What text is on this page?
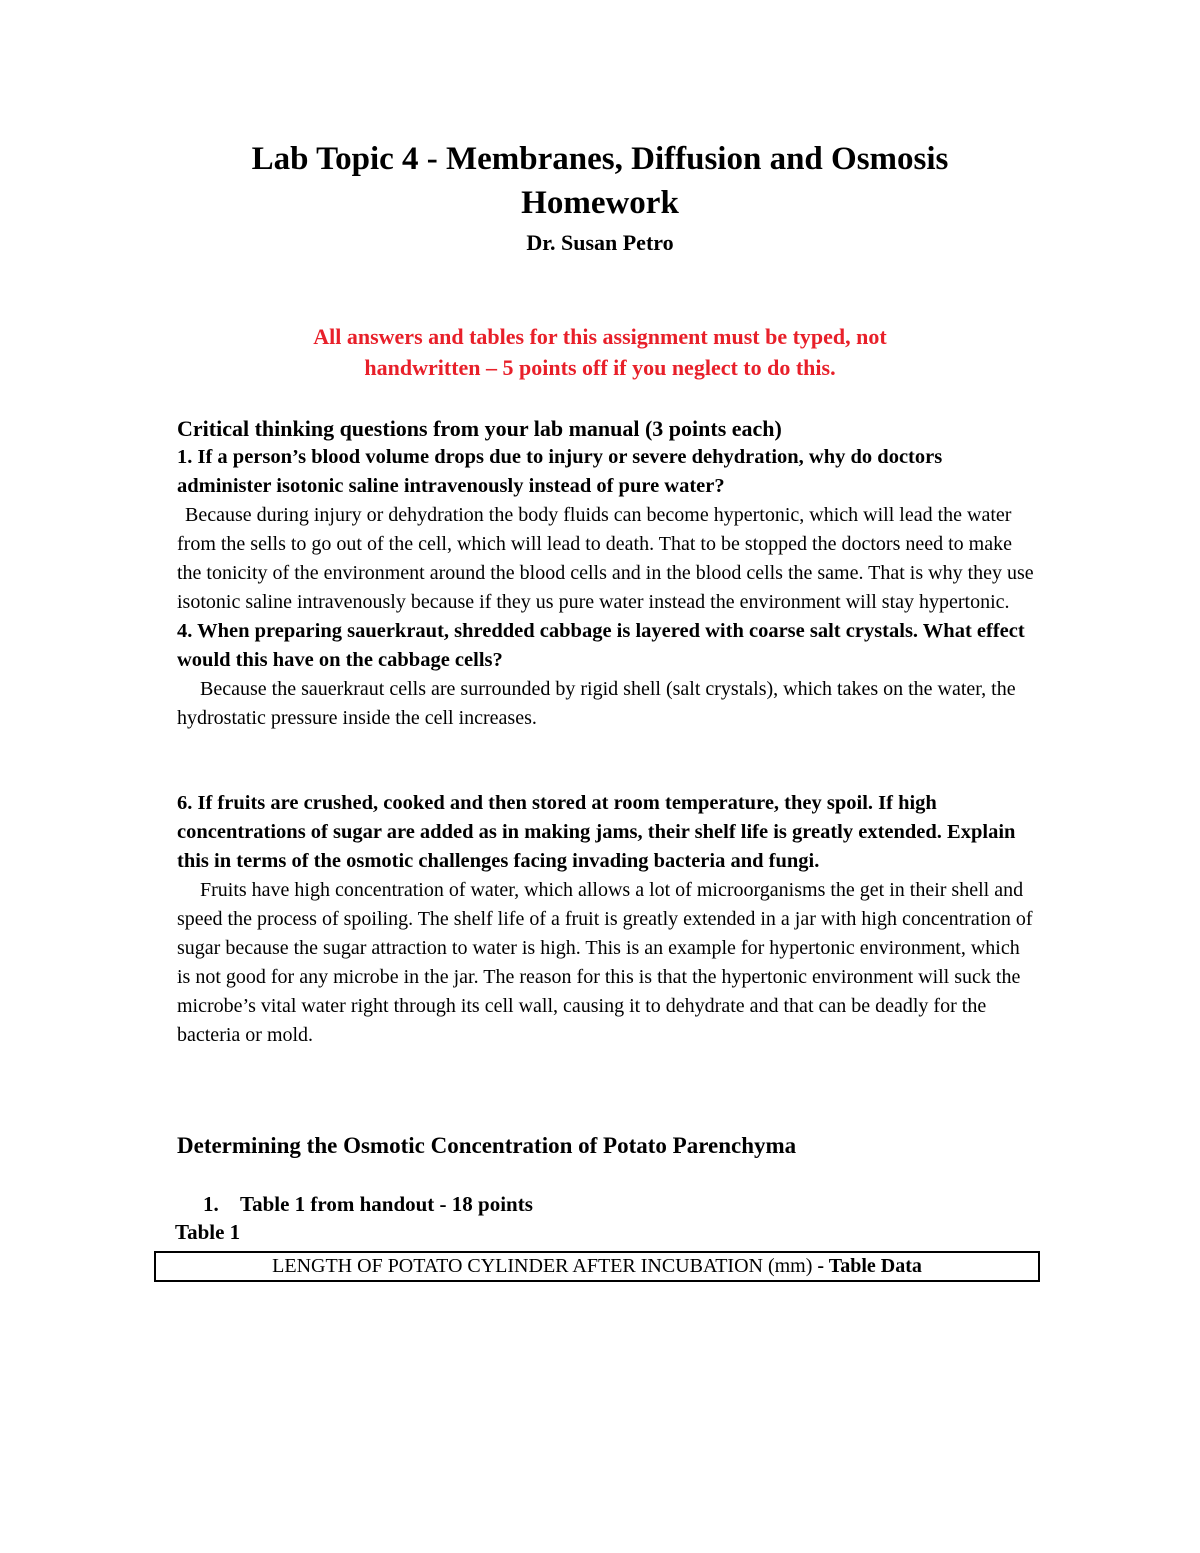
Lab Topic 4 - Membranes, Diffusion and Osmosis
Homework
Dr. Susan Petro
All answers and tables for this assignment must be typed, not
handwritten – 5 points off if you neglect to do this.
Critical thinking questions from your lab manual (3 points each)
1. If a person’s blood volume drops due to injury or severe dehydration, why do doctors administer isotonic saline intravenously instead of pure water?
Because during injury or dehydration the body fluids can become hypertonic, which will lead the water from the sells to go out of the cell, which will lead to death. That to be stopped the doctors need to make the tonicity of the environment around the blood cells and in the blood cells the same. That is why they use isotonic saline intravenously because if they us pure water instead the environment will stay hypertonic.
4. When preparing sauerkraut, shredded cabbage is layered with coarse salt crystals. What effect would this have on the cabbage cells?
Because the sauerkraut cells are surrounded by rigid shell (salt crystals), which takes on the water, the hydrostatic pressure inside the cell increases.
6. If fruits are crushed, cooked and then stored at room temperature, they spoil. If high concentrations of sugar are added as in making jams, their shelf life is greatly extended. Explain this in terms of the osmotic challenges facing invading bacteria and fungi.
Fruits have high concentration of water, which allows a lot of microorganisms the get in their shell and speed the process of spoiling. The shelf life of a fruit is greatly extended in a jar with high concentration of sugar because the sugar attraction to water is high. This is an example for hypertonic environment, which is not good for any microbe in the jar. The reason for this is that the hypertonic environment will suck the microbe’s vital water right through its cell wall, causing it to dehydrate and that can be deadly for the bacteria or mold.
Determining the Osmotic Concentration of Potato Parenchyma
1. Table 1 from handout - 18 points
Table 1
LENGTH OF POTATO CYLINDER AFTER INCUBATION (mm) - Table Data
